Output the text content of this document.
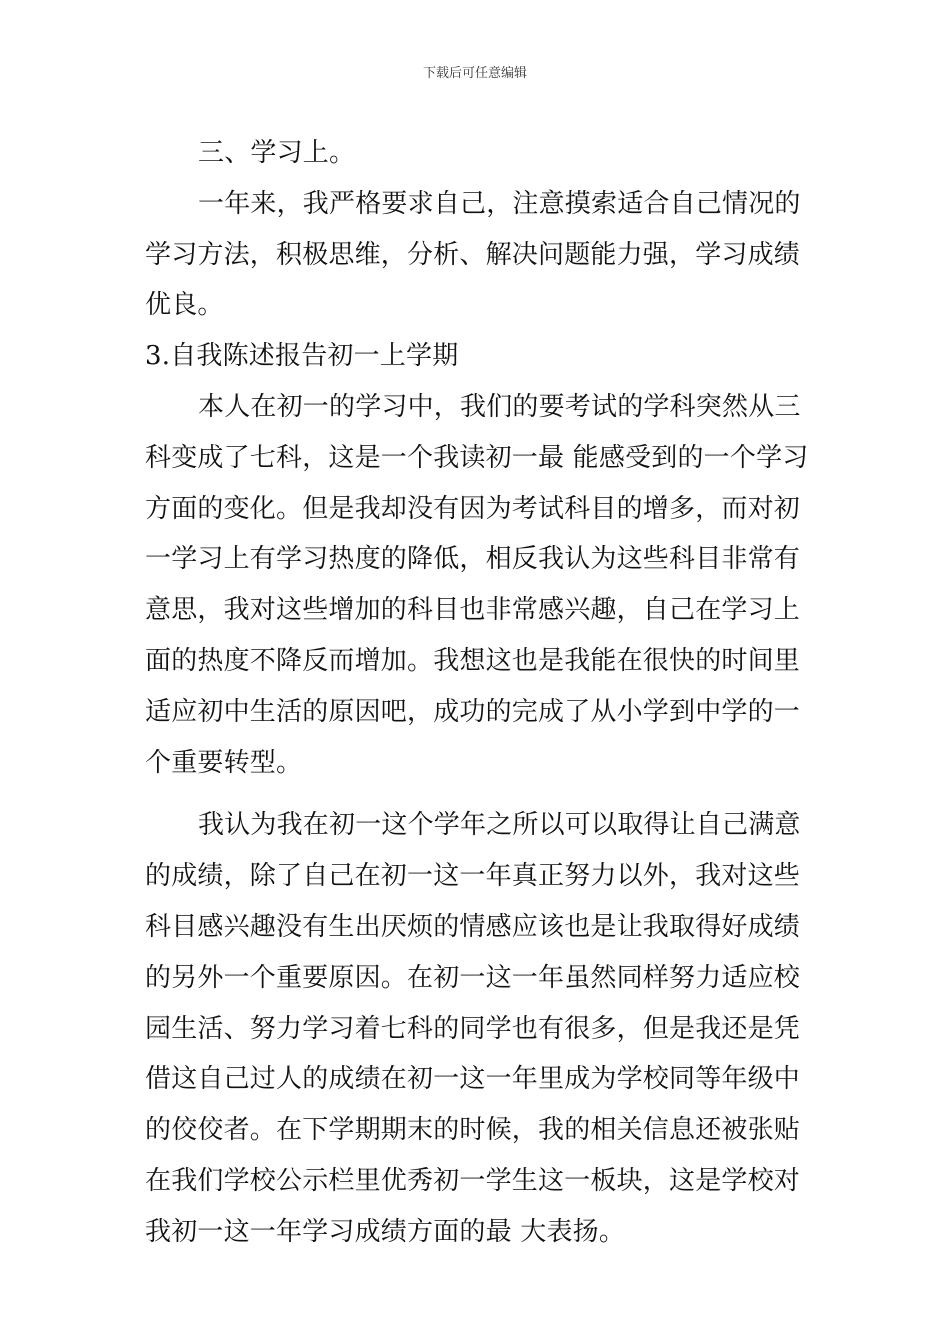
下载后可任意编辑
三、学习上。
一年来，我严格要求自己，注意摸索适合自己情况的
学习方法，积极思维，分析、解决问题能力强，学习成绩
优良。
3.自我陈述报告初一上学期
本人在初一的学习中，我们的要考试的学科突然从三
科变成了七科，这是一个我读初一最 能感受到的一个学习
方面的变化。但是我却没有因为考试科目的增多，而对初
一学习上有学习热度的降低，相反我认为这些科目非常有
意思，我对这些增加的科目也非常感兴趣，自己在学习上
面的热度不降反而增加。我想这也是我能在很快的时间里
适应初中生活的原因吧，成功的完成了从小学到中学的一
个重要转型。
我认为我在初一这个学年之所以可以取得让自己满意
的成绩，除了自己在初一这一年真正努力以外，我对这些
科目感兴趣没有生出厌烦的情感应该也是让我取得好成绩
的另外一个重要原因。在初一这一年虽然同样努力适应校
园生活、努力学习着七科的同学也有很多，但是我还是凭
借这自己过人的成绩在初一这一年里成为学校同等年级中
的佼佼者。在下学期期末的时候，我的相关信息还被张贴
在我们学校公示栏里优秀初一学生这一板块，这是学校对
我初一这一年学习成绩方面的最 大表扬。
